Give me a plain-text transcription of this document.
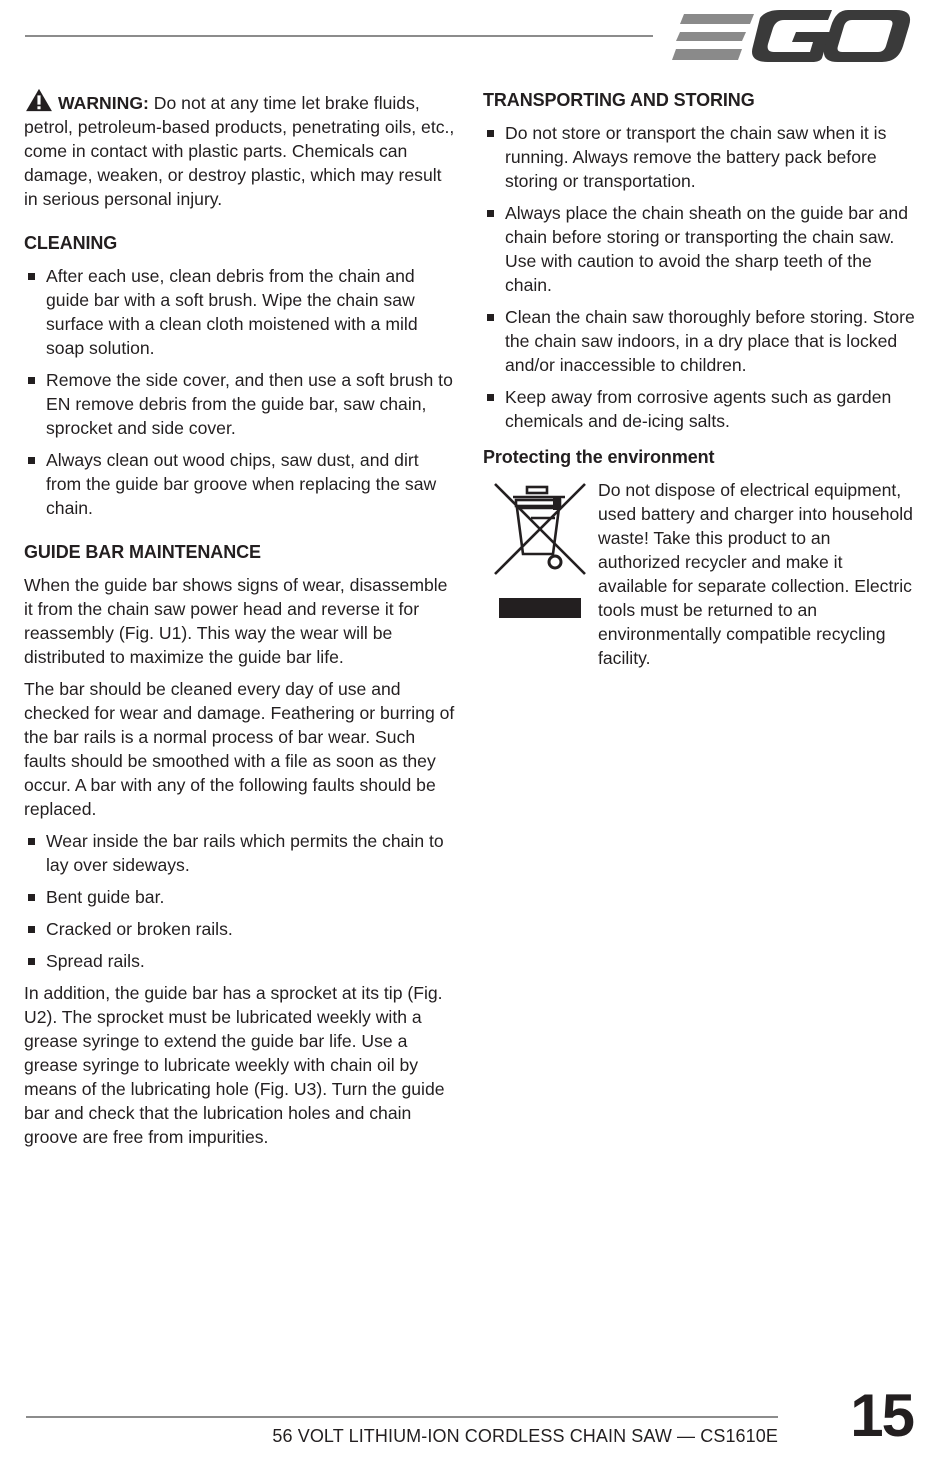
WARNING: Do not at any time let brake fluids, petrol, petroleum-based products, penetrating oils, etc., come in contact with plastic parts. Chemicals can damage, weaken, or destroy plastic, which may result in serious personal injury.

CLEANING
After each use, clean debris from the chain and guide bar with a soft brush. Wipe the chain saw surface with a clean cloth moistened with a mild soap solution.
Remove the side cover, and then use a soft brush to EN remove debris from the guide bar, saw chain, sprocket and side cover.
Always clean out wood chips, saw dust, and dirt from the guide bar groove when replacing the saw chain.
GUIDE BAR MAINTENANCE

When the guide bar shows signs of wear, disassemble it from the chain saw power head and reverse it for reassembly (Fig. U1). This way the wear will be distributed to maximize the guide bar life.

The bar should be cleaned every day of use and checked for wear and damage. Feathering or burring of the bar rails is a normal process of bar wear. Such faults should be smoothed with a file as soon as they occur. A bar with any of the following faults should be replaced.

Wear inside the bar rails which permits the chain to lay over sideways.
Bent guide bar.
Cracked or broken rails.
Spread rails.

In addition, the guide bar has a sprocket at its tip (Fig. U2). The sprocket must be lubricated weekly with a grease syringe to extend the guide bar life. Use a grease syringe to lubricate weekly with chain oil by means of the lubricating hole (Fig. U3). Turn the guide bar and check that the lubrication holes and chain groove are free from impurities.

TRANSPORTING AND STORING
Do not store or transport the chain saw when it is running. Always remove the battery pack before storing or transportation.
Always place the chain sheath on the guide bar and chain before storing or transporting the chain saw. Use with caution to avoid the sharp teeth of the chain.
Clean the chain saw thoroughly before storing. Store the chain saw indoors, in a dry place that is locked and/or inaccessible to children.
Keep away from corrosive agents such as garden chemicals and de-icing salts.
Protecting the environment

Do not dispose of electrical equipment, used battery and charger into household waste! Take this product to an authorized recycler and make it available for separate collection. Electric tools must be returned to an environmentally compatible recycling facility.

56 VOLT LITHIUM-ION CORDLESS CHAIN SAW — CS1610E 15
